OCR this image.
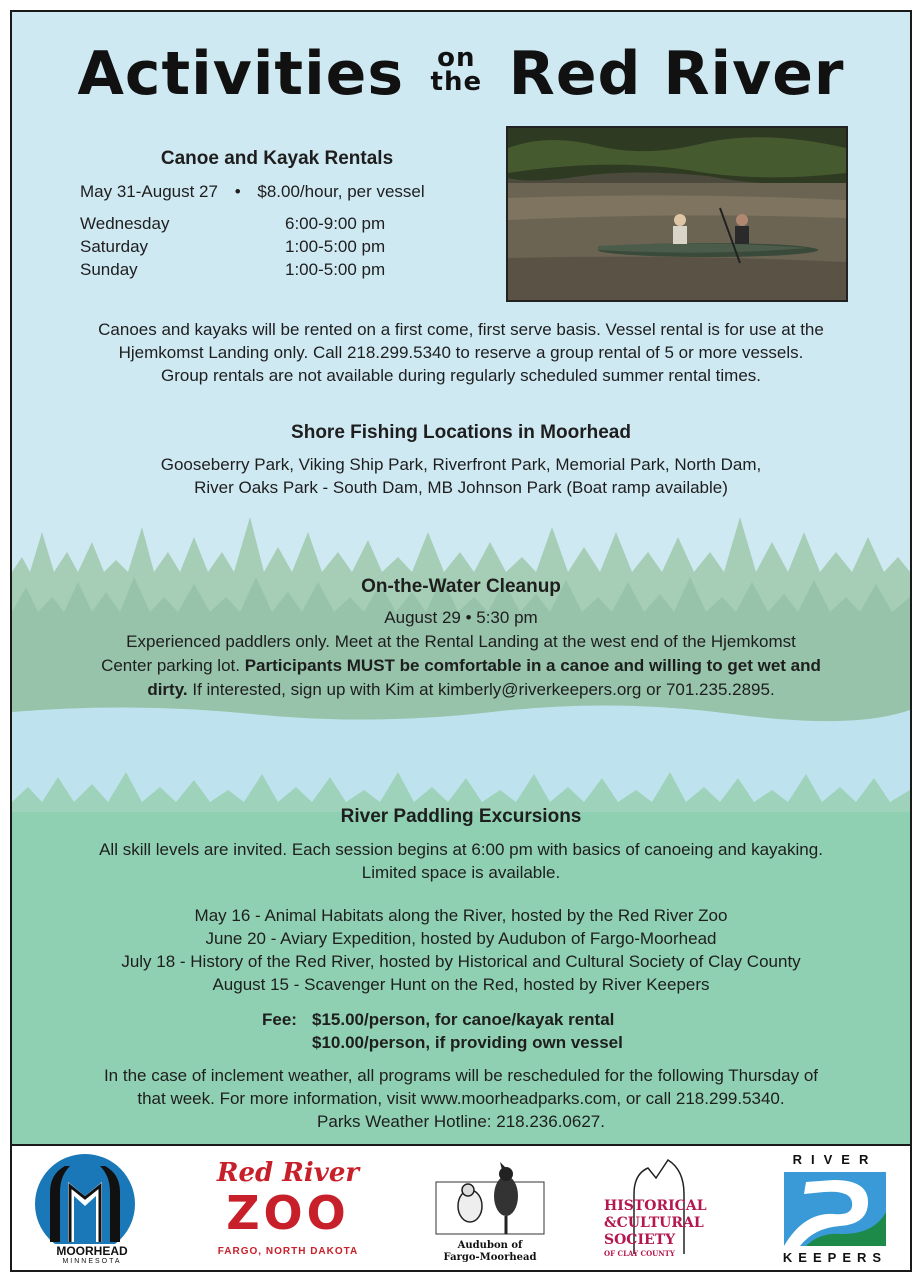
Activities on
the Red River
Canoe and Kayak Rentals
May 31-August 27 • $8.00/hour, per vessel
Wednesday	6:00-9:00 pm
Saturday	1:00-5:00 pm
Sunday	1:00-5:00 pm
Canoes and kayaks will be rented on a first come, first serve basis. Vessel rental is for use at the
Hjemkomst Landing only. Call 218.299.5340 to reserve a group rental of 5 or more vessels.
Group rentals are not available during regularly scheduled summer rental times.
Shore Fishing Locations in Moorhead
Gooseberry Park, Viking Ship Park, Riverfront Park, Memorial Park, North Dam,
River Oaks Park - South Dam, MB Johnson Park (Boat ramp available)
On-the-Water Cleanup
August 29 • 5:30 pm
Experienced paddlers only. Meet at the Rental Landing at the west end of the Hjemkomst
Center parking lot. Participants MUST be comfortable in a canoe and willing to get wet and
dirty. If interested, sign up with Kim at kimberly@riverkeepers.org or 701.235.2895.
River Paddling Excursions
All skill levels are invited. Each session begins at 6:00 pm with basics of canoeing and kayaking.
Limited space is available.
May 16 - Animal Habitats along the River, hosted by the Red River Zoo
June 20 - Aviary Expedition, hosted by Audubon of Fargo-Moorhead
July 18 - History of the Red River, hosted by Historical and Cultural Society of Clay County
August 15 - Scavenger Hunt on the Red, hosted by River Keepers
Fee: $15.00/person, for canoe/kayak rental
$10.00/person, if providing own vessel
In the case of inclement weather, all programs will be rescheduled for the following Thursday of
that week. For more information, visit www.moorheadparks.com, or call 218.299.5340.
Parks Weather Hotline: 218.236.0627.
MOORHEAD
MINNESOTA
Red River
ZOO
FARGO, NORTH DAKOTA
Audubon of
Fargo-Moorhead
HISTORICAL
&CULTURAL
SOCIETY
OF CLAY COUNTY
RIVER
KEEPERS
